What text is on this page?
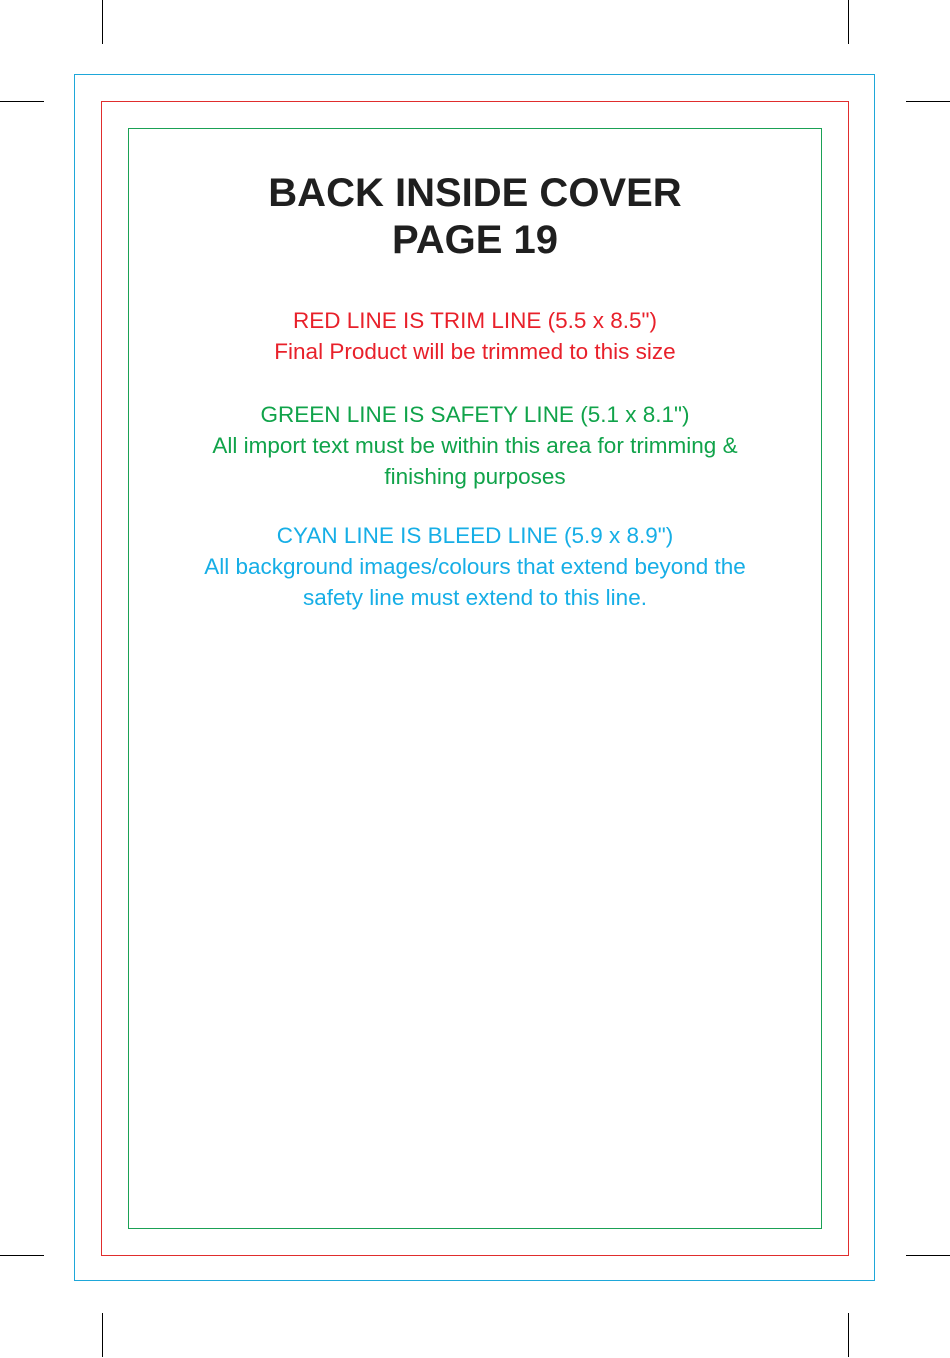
BACK INSIDE COVER
PAGE 19

RED LINE IS TRIM LINE (5.5 x 8.5")

Final Product will be trimmed to this size

GREEN LINE IS SAFETY LINE (5.1 x 8.1")

All import text must be within this area for trimming &

finishing purposes

CYAN LINE IS BLEED LINE (5.9 x 8.9")

All background images/colours that extend beyond the

safety line must extend to this line.
